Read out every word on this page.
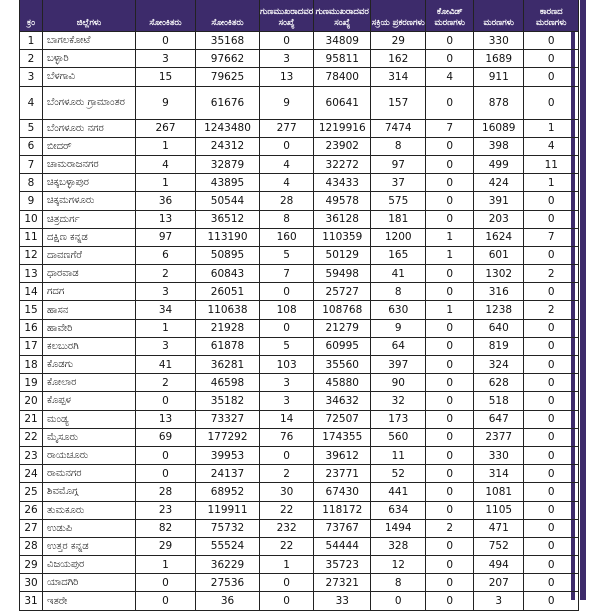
ಕ್ರಂ	ಜಿಲ್ಲೆಗಳು	ಸೋಂಕಿತರು	ಸೋಂಕಿತರು	ಗುಣಮುಖರಾದವರ ಸಂಖ್ಯೆ	ಗುಣಮುಖರಾದವರ ಸಂಖ್ಯೆ	ಸಕ್ರಿಯ ಪ್ರಕರಣಗಳು	ಕೋವಿಡ್ ಮರಣಗಳು	ಮರಣಗಳು	ಕಾರಣದ ಮರಣಗಳು
1	ಬಾಗಲಕೋಟೆ	0	35168	0	34809	29	0	330	0
2	ಬಳ್ಳಾರಿ	3	97662	3	95811	162	0	1689	0
3	ಬೆಳಗಾವಿ	15	79625	13	78400	314	4	911	0
4	ಬೆಂಗಳೂರು ಗ್ರಾಮಾಂತರ	9	61676	9	60641	157	0	878	0
5	ಬೆಂಗಳೂರು ನಗರ	267	1243480	277	1219916	7474	7	16089	1
6	ಬೀದರ್	1	24312	0	23902	8	0	398	4
7	ಚಾಮರಾಜನಗರ	4	32879	4	32272	97	0	499	11
8	ಚಿಕ್ಕಬಳ್ಳಾಪುರ	1	43895	4	43433	37	0	424	1
9	ಚಿಕ್ಕಮಗಳೂರು	36	50544	28	49578	575	0	391	0
10	ಚಿತ್ರದುರ್ಗ	13	36512	8	36128	181	0	203	0
11	ದಕ್ಷಿಣ ಕನ್ನಡ	97	113190	160	110359	1200	1	1624	7
12	ದಾವಣಗೆರೆ	6	50895	5	50129	165	1	601	0
13	ಧಾರವಾಡ	2	60843	7	59498	41	0	1302	2
14	ಗದಗ	3	26051	0	25727	8	0	316	0
15	ಹಾಸನ	34	110638	108	108768	630	1	1238	2
16	ಹಾವೇರಿ	1	21928	0	21279	9	0	640	0
17	ಕಲಬುರಗಿ	3	61878	5	60995	64	0	819	0
18	ಕೊಡಗು	41	36281	103	35560	397	0	324	0
19	ಕೋಲಾರ	2	46598	3	45880	90	0	628	0
20	ಕೊಪ್ಪಳ	0	35182	3	34632	32	0	518	0
21	ಮಂಡ್ಯ	13	73327	14	72507	173	0	647	0
22	ಮೈಸೂರು	69	177292	76	174355	560	0	2377	0
23	ರಾಯಚೂರು	0	39953	0	39612	11	0	330	0
24	ರಾಮನಗರ	0	24137	2	23771	52	0	314	0
25	ಶಿವಮೊಗ್ಗ	28	68952	30	67430	441	0	1081	0
26	ತುಮಕೂರು	23	119911	22	118172	634	0	1105	0
27	ಉಡುಪಿ	82	75732	232	73767	1494	2	471	0
28	ಉತ್ತರ ಕನ್ನಡ	29	55524	22	54444	328	0	752	0
29	ವಿಜಯಪುರ	1	36229	1	35723	12	0	494	0
30	ಯಾದಗಿರಿ	0	27536	0	27321	8	0	207	0
31	ಇತರೇ	0	36	0	33	0	0	3	0
